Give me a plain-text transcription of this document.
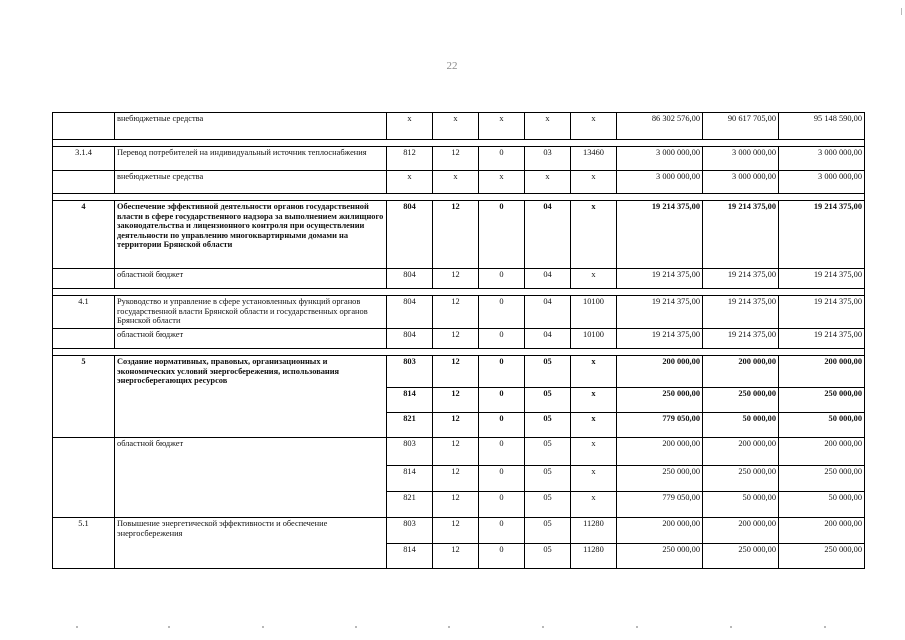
22
	внебюджетные средства	х	х	х	х	х	86 302 576,00	90 617 705,00	95 148 590,00

3.1.4	Перевод потребителей на индивидуальный источник теплоснабжения	812	12	0	03	13460	3 000 000,00	3 000 000,00	3 000 000,00
	внебюджетные средства	х	х	х	х	х	3 000 000,00	3 000 000,00	3 000 000,00

4	Обеспечение эффективной деятельности органов государственной власти в сфере государственного надзора за выполнением жилищного законодательства и лицензионного контроля при осуществлении деятельности по управлению многоквартирными домами на территории Брянской области	804	12	0	04	х	19 214 375,00	19 214 375,00	19 214 375,00
	областной бюджет	804	12	0	04	х	19 214 375,00	19 214 375,00	19 214 375,00

4.1	Руководство и управление в сфере установленных функций органов государственной власти Брянской области и государственных органов Брянской области	804	12	0	04	10100	19 214 375,00	19 214 375,00	19 214 375,00
	областной бюджет	804	12	0	04	10100	19 214 375,00	19 214 375,00	19 214 375,00

5	Создание нормативных, правовых, организационных и экономических условий энергосбережения, использования энергосберегающих ресурсов	803	12	0	05	х	200 000,00	200 000,00	200 000,00
		814	12	0	05	х	250 000,00	250 000,00	250 000,00
		821	12	0	05	х	779 050,00	50 000,00	50 000,00
	областной бюджет	803	12	0	05	х	200 000,00	200 000,00	200 000,00
		814	12	0	05	х	250 000,00	250 000,00	250 000,00
		821	12	0	05	х	779 050,00	50 000,00	50 000,00
5.1	Повышение энергетической эффективности и обеспечение энергосбережения	803	12	0	05	11280	200 000,00	200 000,00	200 000,00
		814	12	0	05	11280	250 000,00	250 000,00	250 000,00
